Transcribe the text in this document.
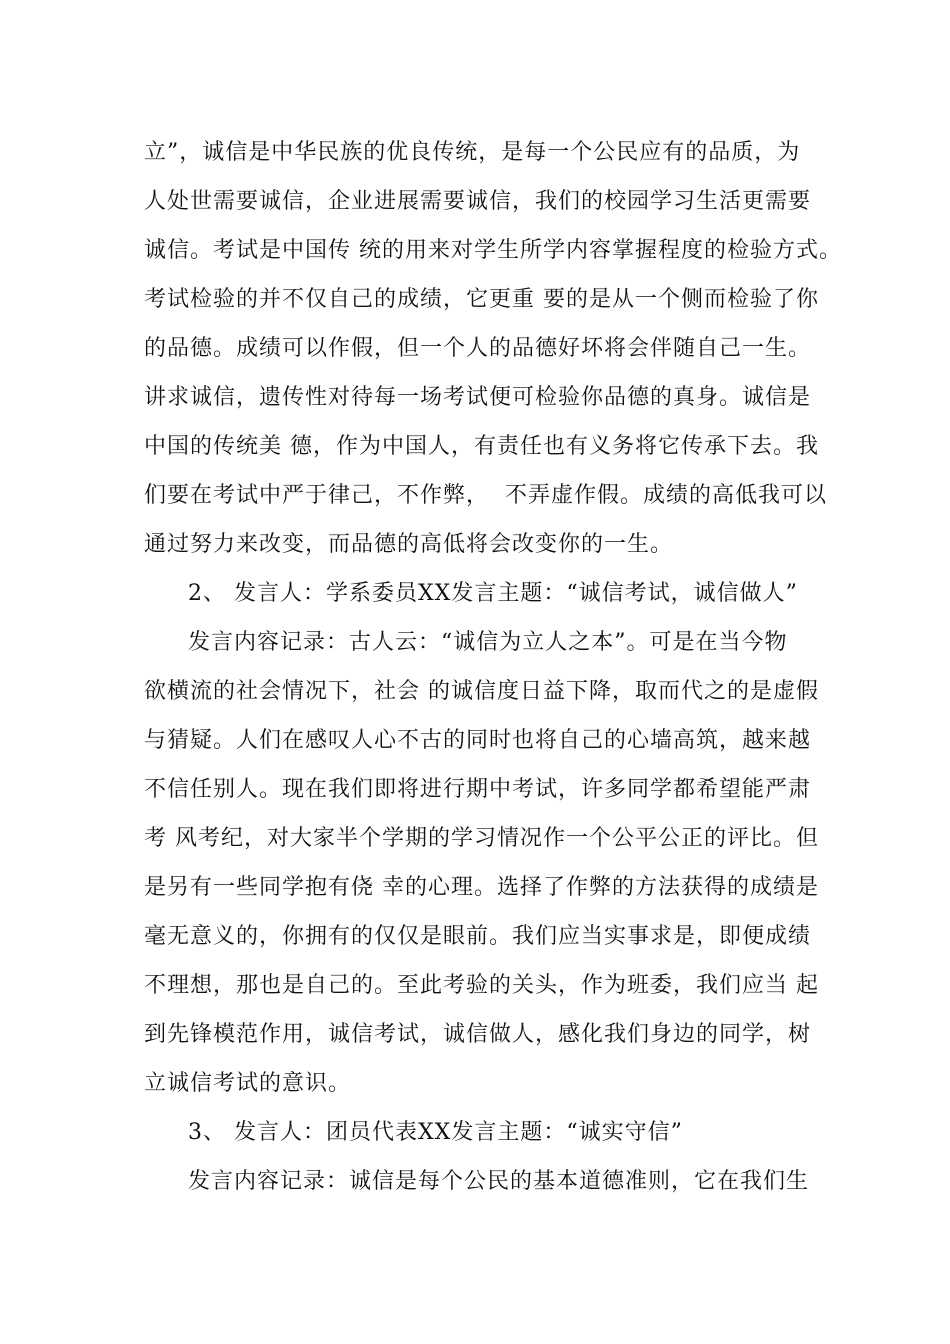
立”，诚信是中华民族的优良传统，是每一个公民应有的品质，为
人处世需要诚信，企业进展需要诚信，我们的校园学习生活更需要
诚信。考试是中国传 统的用来对学生所学内容掌握程度的检验方式。
考试检验的并不仅自己的成绩，它更重 要的是从一个侧而检验了你
的品德。成绩可以作假，但一个人的品德好坏将会伴随自己一生。
讲求诚信，遗传性对待每一场考试便可检验你品德的真身。诚信是
中国的传统美 德，作为中国人，有责任也有义务将它传承下去。我
们要在考试中严于律己，不作弊，  不弄虚作假。成绩的高低我可以
通过努力来改变，而品德的高低将会改变你的一生。
2、 发言人：学系委员XX发言主题：“诚信考试，诚信做人”
发言内容记录：古人云：“诚信为立人之本”。可是在当今物
欲横流的社会情况下，社会 的诚信度日益下降，取而代之的是虚假
与猜疑。人们在感叹人心不古的同时也将自己的心墙高筑，越来越
不信任别人。现在我们即将进行期中考试，许多同学都希望能严肃
考 风考纪，对大家半个学期的学习情况作一个公平公正的评比。但
是另有一些同学抱有侥 幸的心理。选择了作弊的方法获得的成绩是
毫无意义的，你拥有的仅仅是眼前。我们应当实事求是，即便成绩
不理想，那也是自己的。至此考验的关头，作为班委，我们应当 起
到先锋模范作用，诚信考试，诚信做人，感化我们身边的同学，树
立诚信考试的意识。
3、 发言人：团员代表XX发言主题：“诚实守信”
发言内容记录：诚信是每个公民的基本道德准则，它在我们生
